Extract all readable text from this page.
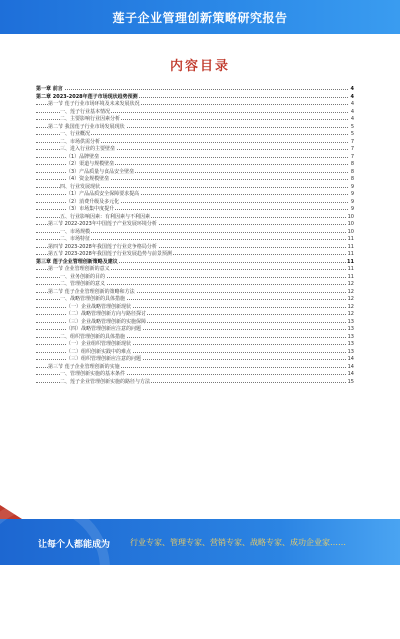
莲子企业管理创新策略研究报告
内容目录
第一章 前言	4
第二章 2023-2028年莲子市场现状趋势预测	4
第一节 莲子行业市场环境及未来发展状况	4
一、莲子行业基本情况	4
二、主要影响行业因素分析	4
第二节 我国莲子行业市场发展现状	5
一、行业概况	5
二、市场供需分析	7
三、进入行业的主要壁垒	7
（1）品牌壁垒	7
（2）渠道与规模壁垒	8
（3）产品质量与食品安全壁垒	8
（4）资金规模壁垒	8
四、行业发展现状	9
（1）产品品质安全保障要求提高	9
（2）消费升级及多元化	9
（3）市场集中度提升	9
五、行业影响因素：有利因素与不利因素	10
第三节 2022-2023年中国莲子产业发展环境分析	10
一、市场规模	10
二、市场特征	11
第四节 2023-2028年我国莲子行业竞争格局分析	11
第五节 2023-2028年我国莲子行业发展趋势与前景预测	11
第三章 莲子企业管理创新策略及建议	11
第一节 企业管理创新的意义	11
一、业务创新的目的	11
二、管理创新的意义	12
第二节 莲子企业管理创新的策略和方法	12
一、战略管理创新的具体措施	12
（一）企业战略管理创新现状	12
（二）战略管理创新方向与路径探讨	12
（三）企业战略管理创新的实施保障	13
（四）战略管理创新应注意的问题	13
二、组织管理创新的具体措施	13
（一）企业组织管理创新现状	13
（二）组织创新实践中的难点	13
（三）组织管理创新应注意的问题	14
第三节 莲子企业管理创新的实施	14
一、管理创新实施的基本条件	14
二、莲子企业管理创新实施的路径与方法	15
让每个人都能成为 行业专家、管理专家、营销专家、战略专家、成功企业家……
